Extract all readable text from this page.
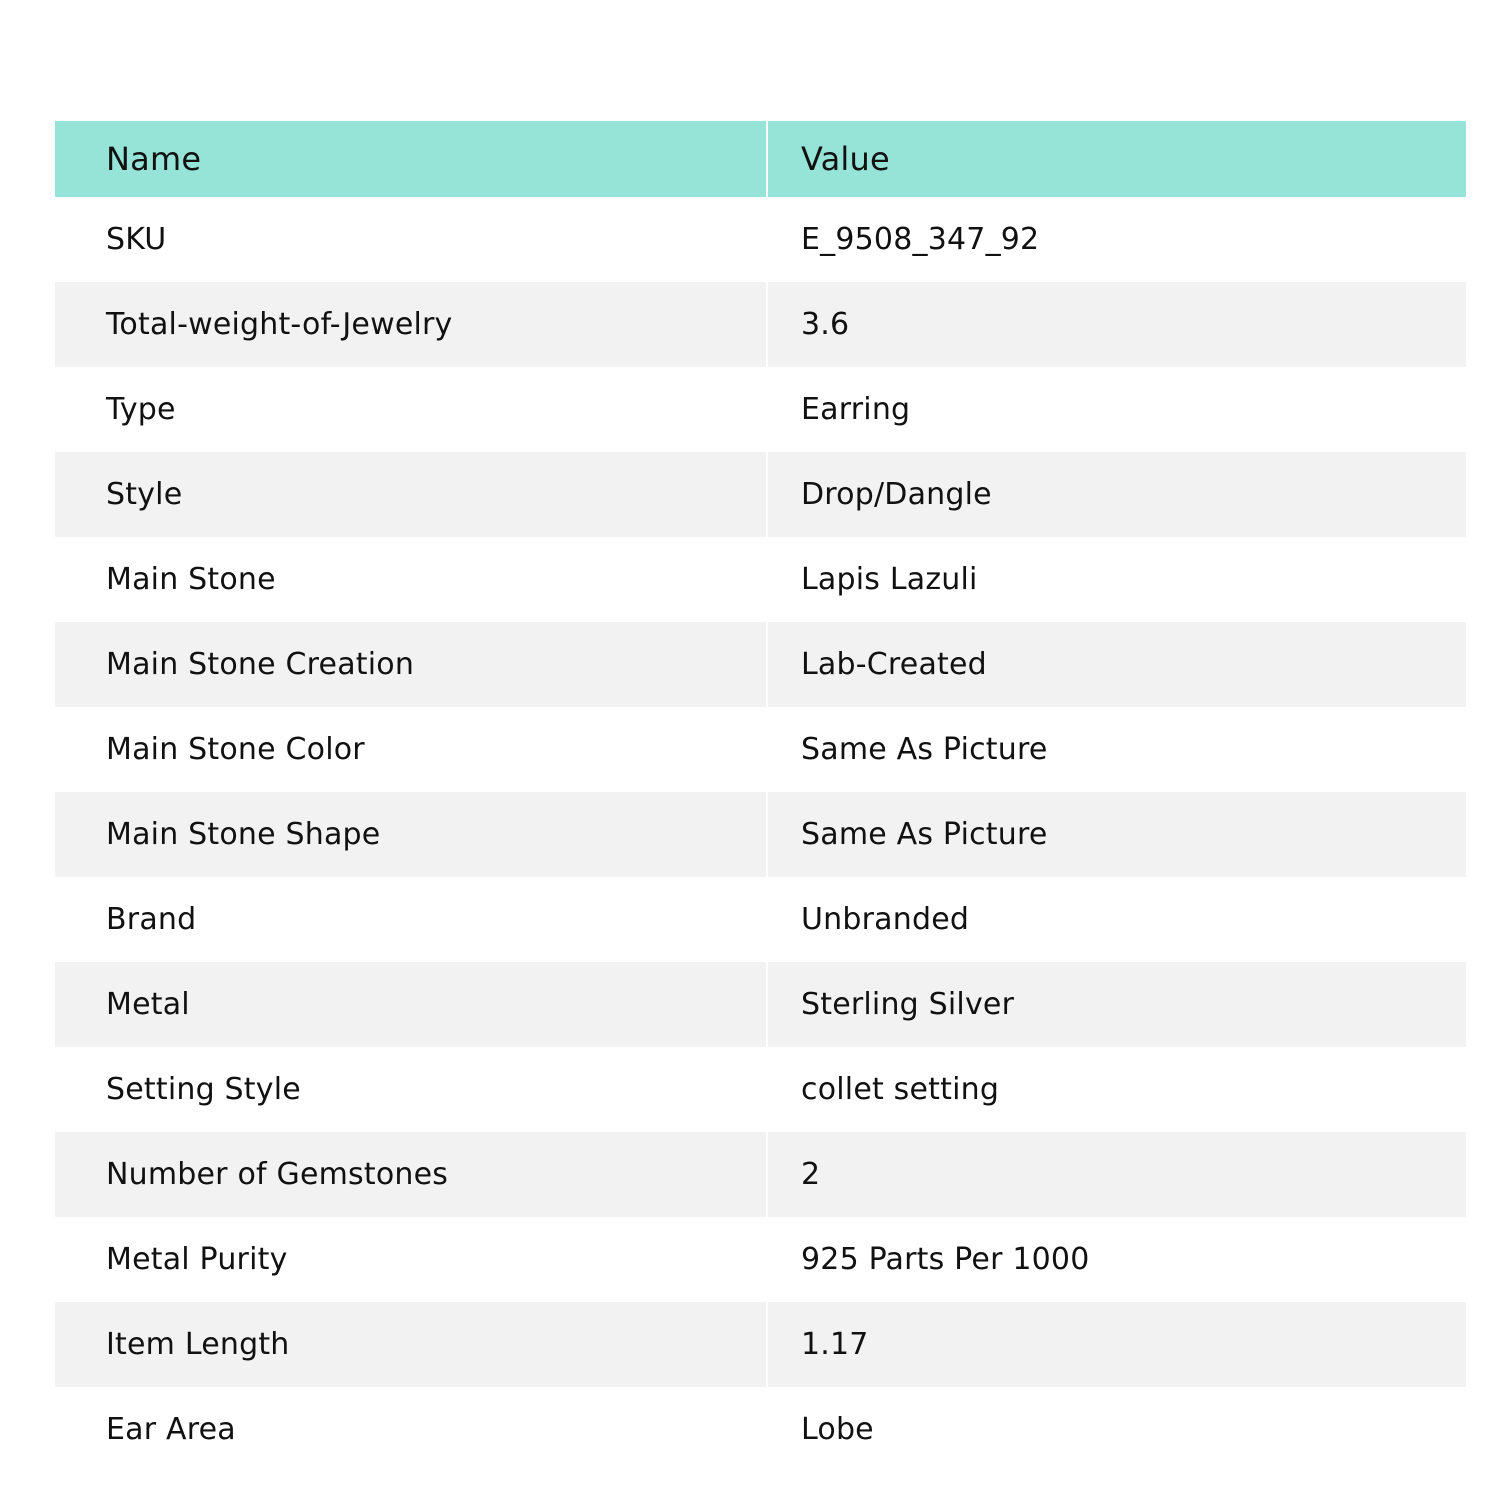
Name	Value
SKU	E_9508_347_92
Total-weight-of-Jewelry	3.6
Type	Earring
Style	Drop/Dangle
Main Stone	Lapis Lazuli
Main Stone Creation	Lab-Created
Main Stone Color	Same As Picture
Main Stone Shape	Same As Picture
Brand	Unbranded
Metal	Sterling Silver
Setting Style	collet setting
Number of Gemstones	2
Metal Purity	925 Parts Per 1000
Item Length	1.17
Ear Area	Lobe
